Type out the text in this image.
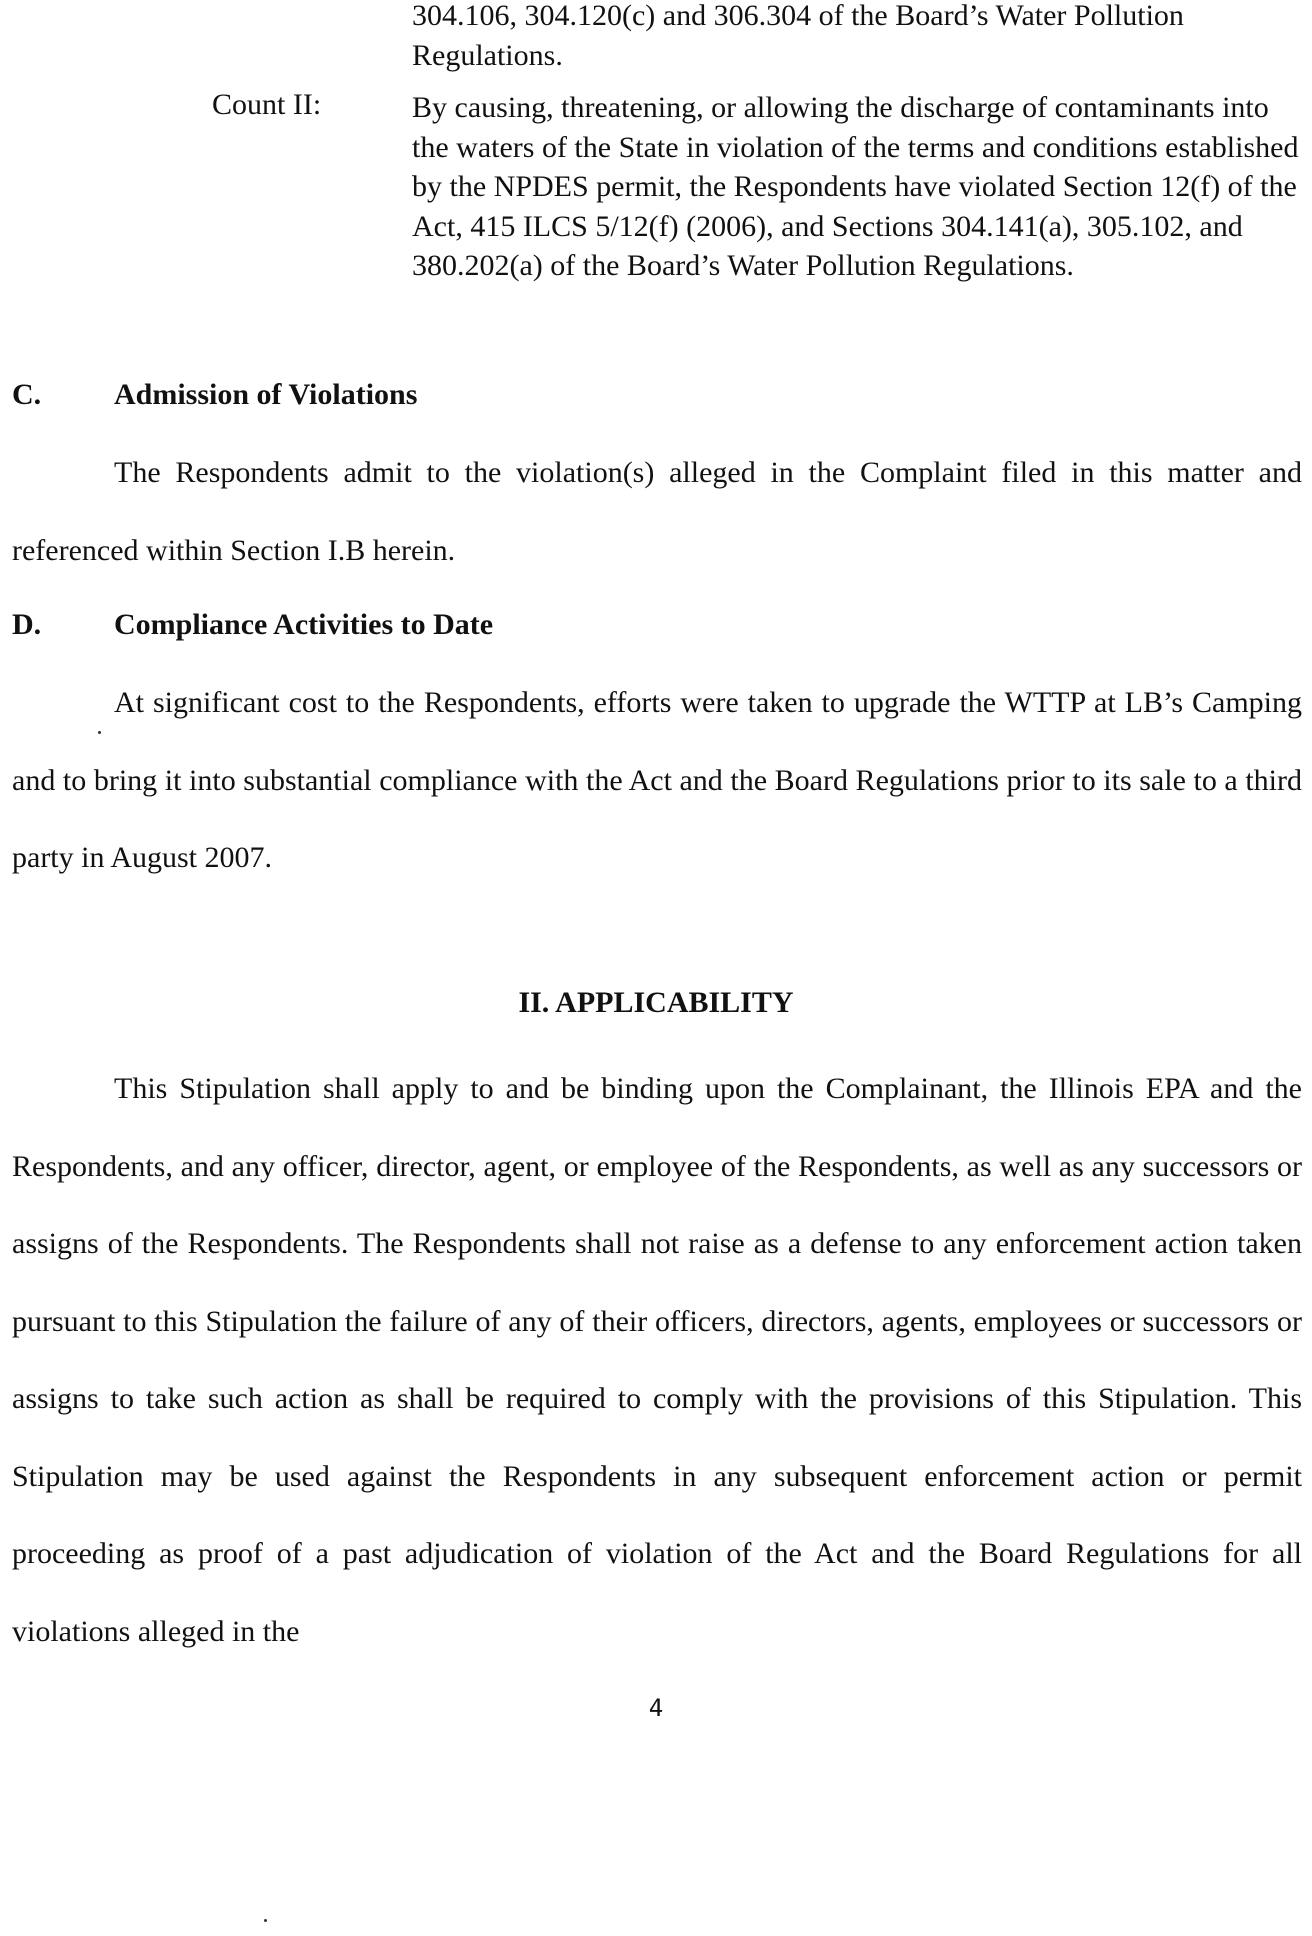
304.106, 304.120(c) and 306.304 of the Board’s Water Pollution
Regulations.
Count II:	By causing, threatening, or allowing the discharge of contaminants into the waters of the State in violation of the terms and conditions established by the NPDES permit, the Respondents have violated Section 12(f) of the Act, 415 ILCS 5/12(f) (2006), and Sections 304.141(a), 305.102, and 380.202(a) of the Board’s Water Pollution Regulations.

C. Admission of Violations

The Respondents admit to the violation(s) alleged in the Complaint filed in this matter and referenced within Section I.B herein.

D. Compliance Activities to Date

At significant cost to the Respondents, efforts were taken to upgrade the WTTP at LB’s Camping and to bring it into substantial compliance with the Act and the Board Regulations prior to its sale to a third party in August 2007.

II. APPLICABILITY

This Stipulation shall apply to and be binding upon the Complainant, the Illinois EPA and the Respondents, and any officer, director, agent, or employee of the Respondents, as well as any successors or assigns of the Respondents. The Respondents shall not raise as a defense to any enforcement action taken pursuant to this Stipulation the failure of any of their officers, directors, agents, employees or successors or assigns to take such action as shall be required to comply with the provisions of this Stipulation. This Stipulation may be used against the Respondents in any subsequent enforcement action or permit proceeding as proof of a past adjudication of violation of the Act and the Board Regulations for all violations alleged in the

4
